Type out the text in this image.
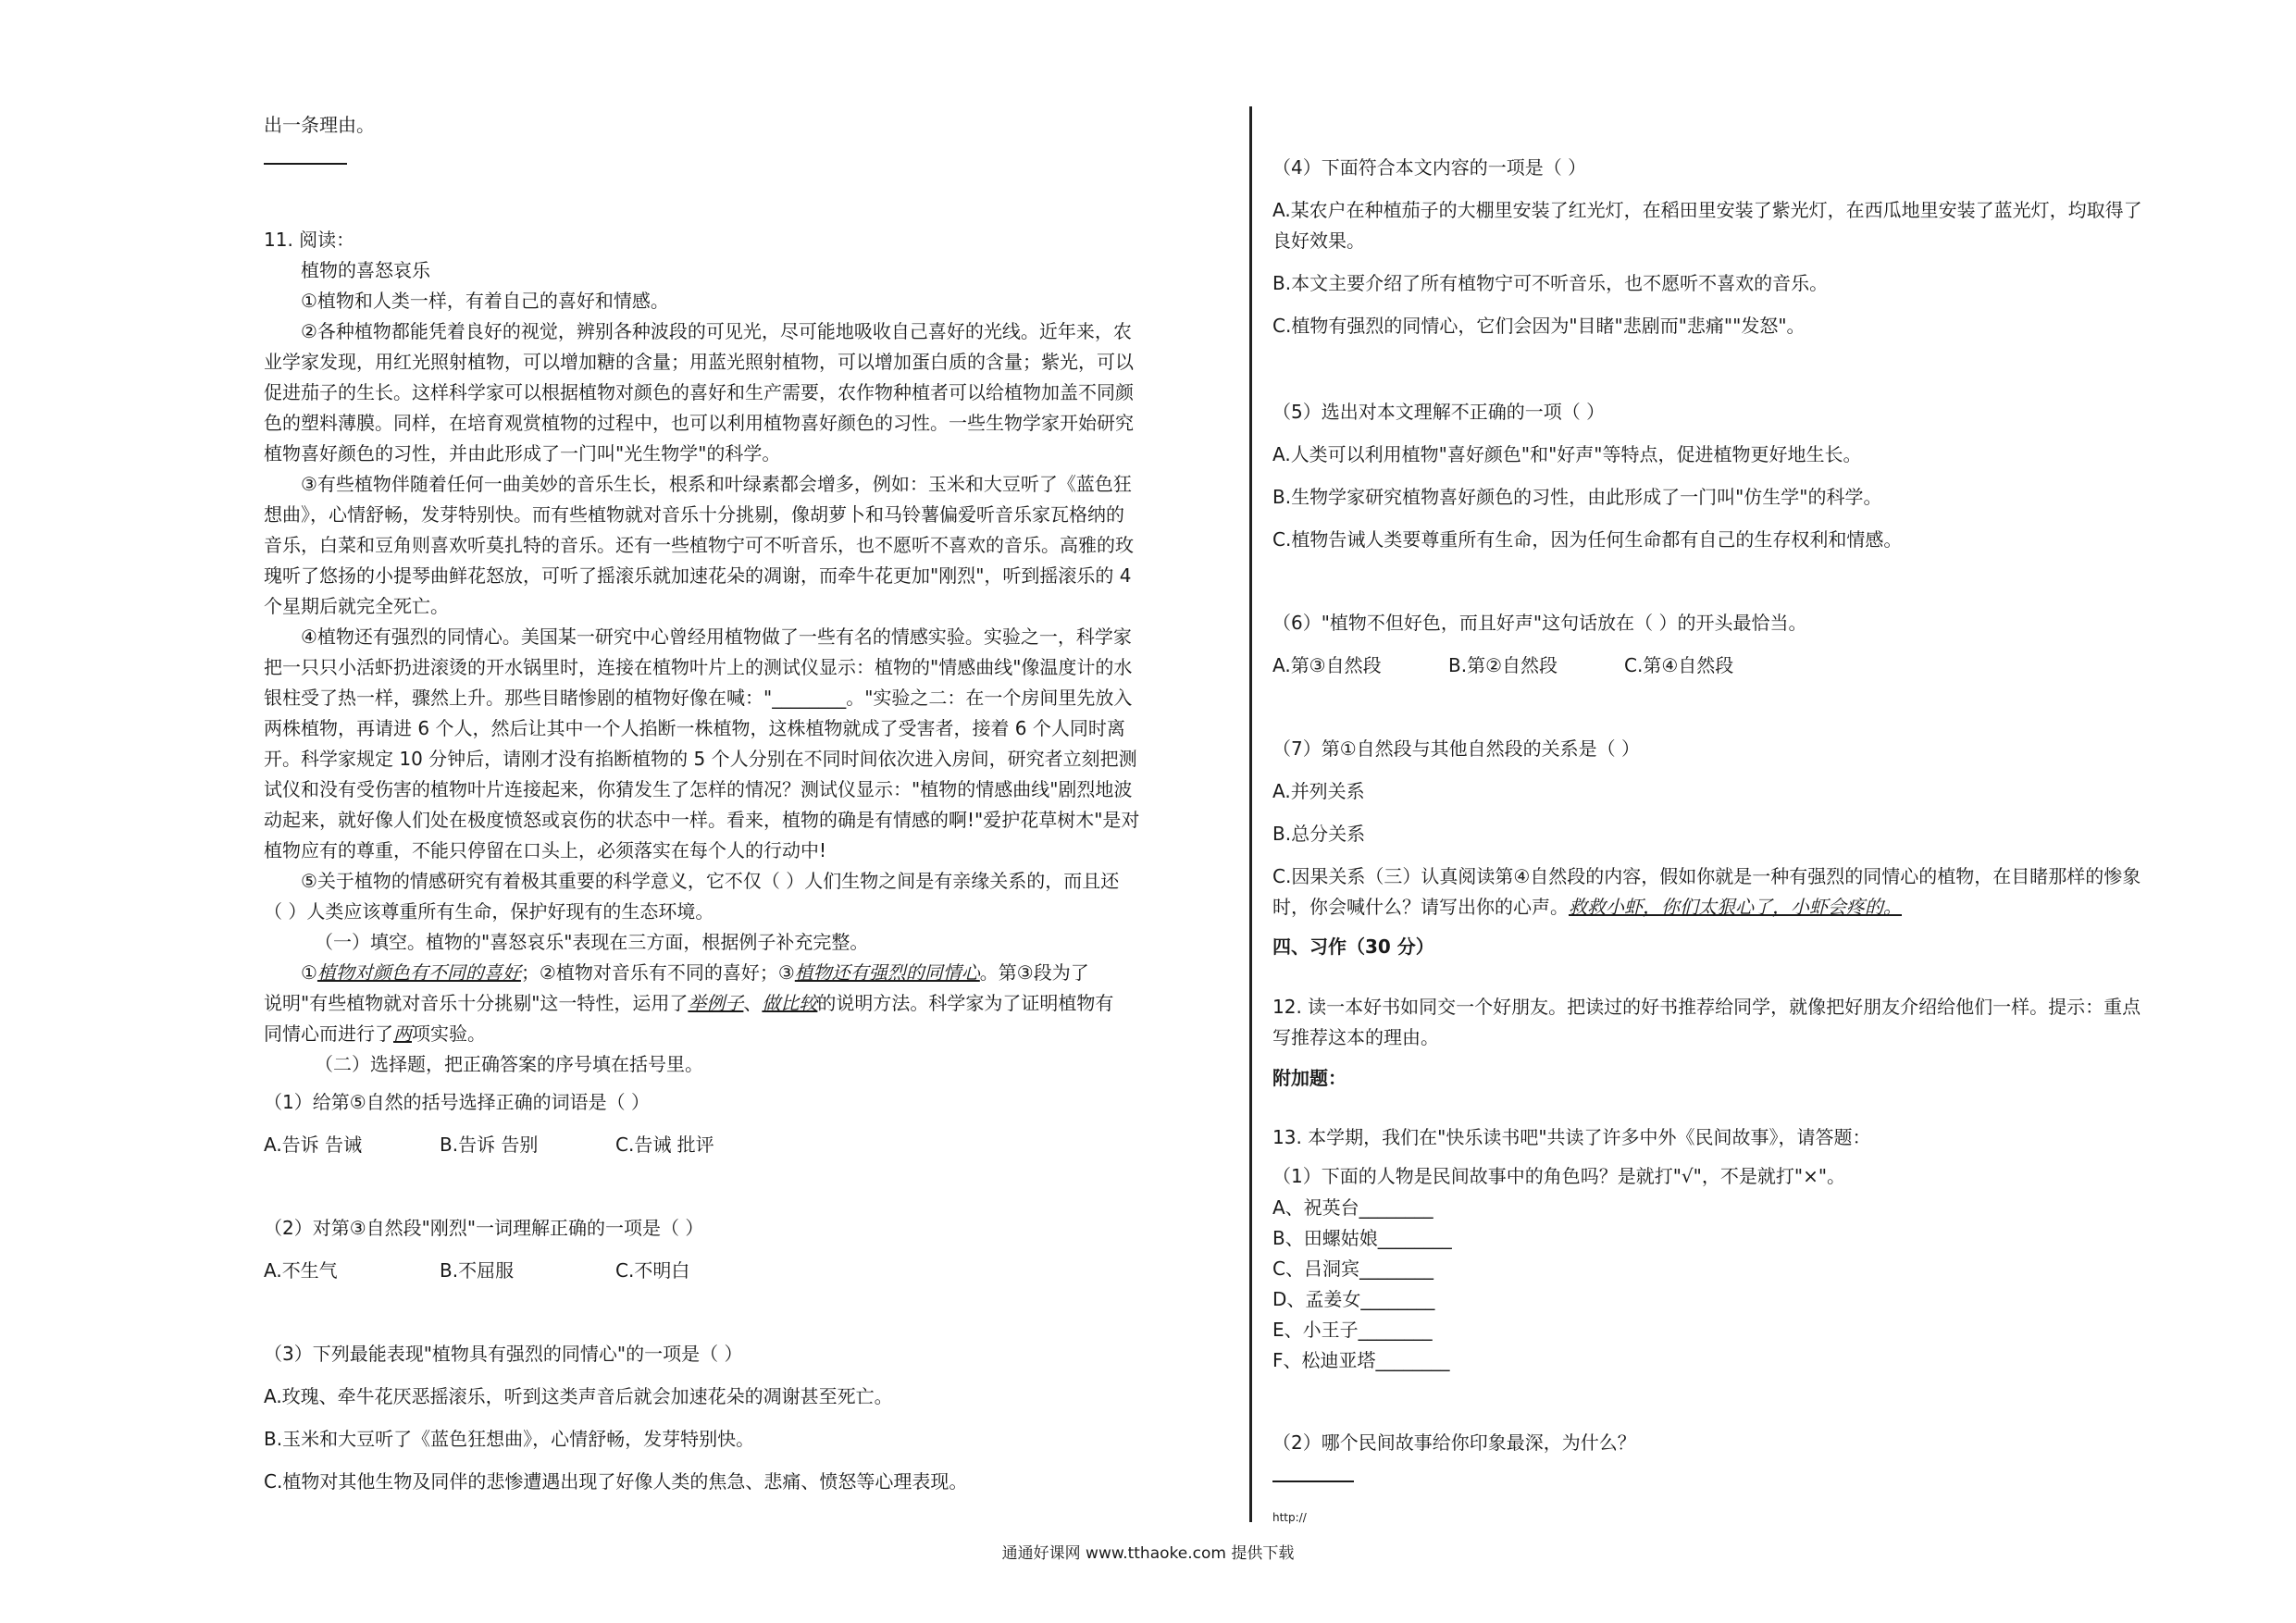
出一条理由。
11. 阅读：
植物的喜怒哀乐
①植物和人类一样，有着自己的喜好和情感。
②各种植物都能凭着良好的视觉，辨别各种波段的可见光，尽可能地吸收自己喜好的光线。近年来，农
业学家发现，用红光照射植物，可以增加糖的含量；用蓝光照射植物，可以增加蛋白质的含量；紫光，可以
促进茄子的生长。这样科学家可以根据植物对颜色的喜好和生产需要，农作物种植者可以给植物加盖不同颜
色的塑料薄膜。同样，在培育观赏植物的过程中，也可以利用植物喜好颜色的习性。一些生物学家开始研究
植物喜好颜色的习性，并由此形成了一门叫"光生物学"的科学。
③有些植物伴随着任何一曲美妙的音乐生长，根系和叶绿素都会增多，例如：玉米和大豆听了《蓝色狂
想曲》，心情舒畅，发芽特别快。而有些植物就对音乐十分挑剔，像胡萝卜和马铃薯偏爱听音乐家瓦格纳的
音乐，白菜和豆角则喜欢听莫扎特的音乐。还有一些植物宁可不听音乐，也不愿听不喜欢的音乐。高雅的玫
瑰听了悠扬的小提琴曲鲜花怒放，可听了摇滚乐就加速花朵的凋谢，而牵牛花更加"刚烈"，听到摇滚乐的 4
个星期后就完全死亡。
④植物还有强烈的同情心。美国某一研究中心曾经用植物做了一些有名的情感实验。实验之一，科学家
把一只只小活虾扔进滚烫的开水锅里时，连接在植物叶片上的测试仪显示：植物的"情感曲线"像温度计的水
银柱受了热一样，骤然上升。那些目睹惨剧的植物好像在喊："________。"实验之二：在一个房间里先放入
两株植物，再请进 6 个人，然后让其中一个人掐断一株植物，这株植物就成了受害者，接着 6 个人同时离
开。科学家规定 10 分钟后，请刚才没有掐断植物的 5 个人分别在不同时间依次进入房间，研究者立刻把测
试仪和没有受伤害的植物叶片连接起来，你猜发生了怎样的情况？测试仪显示："植物的情感曲线"剧烈地波
动起来，就好像人们处在极度愤怒或哀伤的状态中一样。看来，植物的确是有情感的啊!"爱护花草树木"是对
植物应有的尊重，不能只停留在口头上，必须落实在每个人的行动中!
⑤关于植物的情感研究有着极其重要的科学意义，它不仅（ ）人们生物之间是有亲缘关系的，而且还
（ ）人类应该尊重所有生命，保护好现有的生态环境。
（一）填空。植物的"喜怒哀乐"表现在三方面，根据例子补充完整。
①植物对颜色有不同的喜好；②植物对音乐有不同的喜好；③植物还有强烈的同情心。第③段为了
说明"有些植物就对音乐十分挑剔"这一特性，运用了举例子、做比较的说明方法。科学家为了证明植物有
同情心而进行了两项实验。
（二）选择题，把正确答案的序号填在括号里。
（1）给第⑤自然的括号选择正确的词语是（ ）
A.告诉 告诫	B.告诉 告别	C.告诫 批评
（2）对第③自然段"刚烈"一词理解正确的一项是（ ）
A.不生气	B.不屈服	C.不明白
（3）下列最能表现"植物具有强烈的同情心"的一项是（ ）
A.玫瑰、牵牛花厌恶摇滚乐，听到这类声音后就会加速花朵的凋谢甚至死亡。
B.玉米和大豆听了《蓝色狂想曲》，心情舒畅，发芽特别快。
C.植物对其他生物及同伴的悲惨遭遇出现了好像人类的焦急、悲痛、愤怒等心理表现。
（4）下面符合本文内容的一项是（ ）
A.某农户在种植茄子的大棚里安装了红光灯，在稻田里安装了紫光灯，在西瓜地里安装了蓝光灯，均取得了
良好效果。
B.本文主要介绍了所有植物宁可不听音乐，也不愿听不喜欢的音乐。
C.植物有强烈的同情心，它们会因为"目睹"悲剧而"悲痛""发怒"。
（5）选出对本文理解不正确的一项（ ）
A.人类可以利用植物"喜好颜色"和"好声"等特点，促进植物更好地生长。
B.生物学家研究植物喜好颜色的习性，由此形成了一门叫"仿生学"的科学。
C.植物告诫人类要尊重所有生命，因为任何生命都有自己的生存权利和情感。
（6）"植物不但好色，而且好声"这句话放在（ ）的开头最恰当。
A.第③自然段	B.第②自然段	C.第④自然段
（7）第①自然段与其他自然段的关系是（ ）
A.并列关系
B.总分关系
C.因果关系（三）认真阅读第④自然段的内容，假如你就是一种有强烈的同情心的植物，在目睹那样的惨象
时，你会喊什么？请写出你的心声。救救小虾，你们太狠心了，小虾会疼的。
四、习作（30 分）
12. 读一本好书如同交一个好朋友。把读过的好书推荐给同学，就像把好朋友介绍给他们一样。提示：重点
写推荐这本的理由。
附加题：
13. 本学期，我们在"快乐读书吧"共读了许多中外《民间故事》，请答题：
（1）下面的人物是民间故事中的角色吗？是就打"√"，不是就打"×"。
A、祝英台________
B、田螺姑娘________
C、吕洞宾________
D、孟姜女________
E、小王子________
F、松迪亚塔________
（2）哪个民间故事给你印象最深，为什么？
http://
通通好课网 www.tthaoke.com 提供下载
